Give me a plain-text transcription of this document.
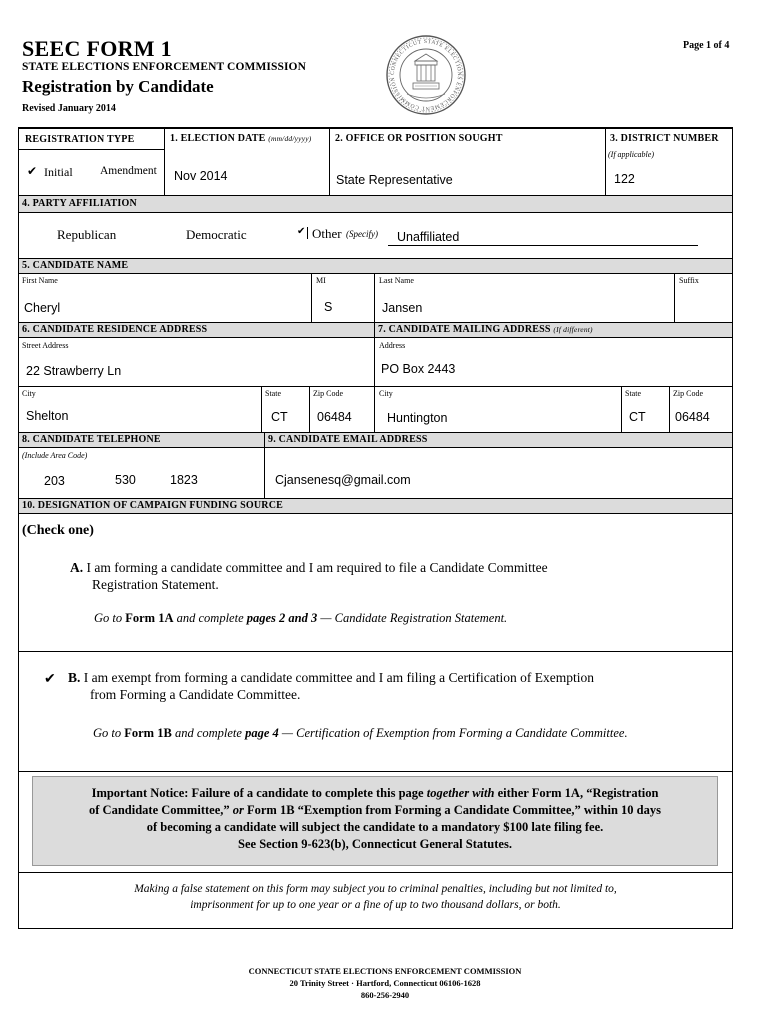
SEEC FORM 1	Page 1 of 4
STATE ELECTIONS ENFORCEMENT COMMISSION
Registration by Candidate
Revised January 2014
CONNECTICUT STATE ELECTIONS ENFORCEMENT COMMISSION
REGISTRATION TYPE
✔ Initial Amendment
1. ELECTION DATE (mm/dd/yyyy)
Nov 2014
2. OFFICE OR POSITION SOUGHT
State Representative
3. DISTRICT NUMBER
(If applicable)
122
4. PARTY AFFILIATION
Republican	Democratic	✔ Other (Specify) Unaffiliated
5. CANDIDATE NAME
First Name	MI	Last Name	Suffix
Cheryl	S	Jansen
6. CANDIDATE RESIDENCE ADDRESS	7. CANDIDATE MAILING ADDRESS (If different)
Street Address
22 Strawberry Ln
Address
PO Box 2443
City	State	Zip Code	City	State	Zip Code
Shelton	CT 06484	Huntington	CT 06484
8. CANDIDATE TELEPHONE	9. CANDIDATE EMAIL ADDRESS
(Include Area Code)
203	530	1823	Cjansenesq@gmail.com
10. DESIGNATION OF CAMPAIGN FUNDING SOURCE
(Check one)
A. I am forming a candidate committee and I am required to file a Candidate Committee
Registration Statement.
Go to Form 1A and complete pages 2 and 3 — Candidate Registration Statement.
✔ B. I am exempt from forming a candidate committee and I am filing a Certification of Exemption
from Forming a Candidate Committee.
Go to Form 1B and complete page 4 — Certification of Exemption from Forming a Candidate Committee.
Important Notice: Failure of a candidate to complete this page together with either Form 1A, “Registration
of Candidate Committee,” or Form 1B “Exemption from Forming a Candidate Committee,” within 10 days
of becoming a candidate will subject the candidate to a mandatory $100 late filing fee.
See Section 9-623(b), Connecticut General Statutes.
Making a false statement on this form may subject you to criminal penalties, including but not limited to,
imprisonment for up to one year or a fine of up to two thousand dollars, or both.
CONNECTICUT STATE ELECTIONS ENFORCEMENT COMMISSION
20 Trinity Street · Hartford, Connecticut 06106-1628
860-256-2940
